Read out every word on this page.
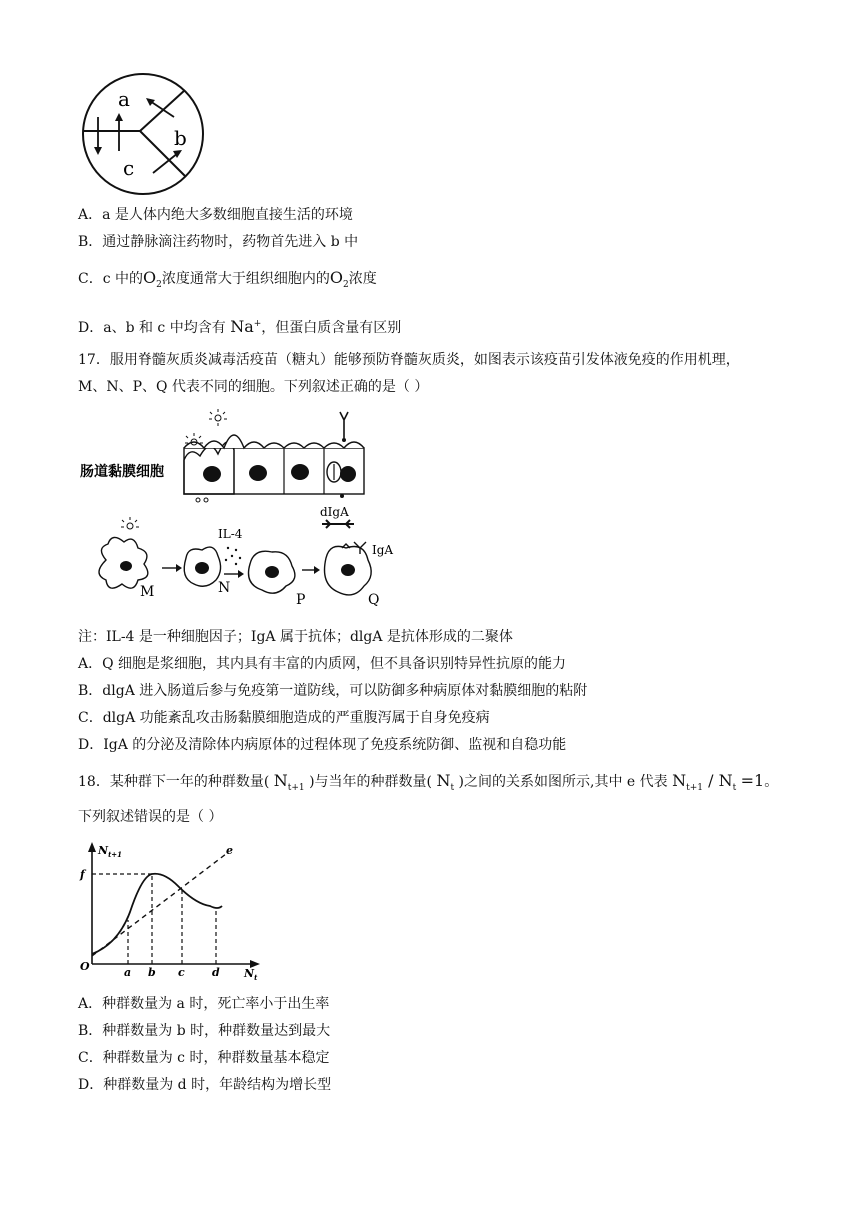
a
b
c
A．a 是人体内绝大多数细胞直接生活的环境
B．通过静脉滴注药物时，药物首先进入 b 中
C．c 中的$O_2$浓度通常大于组织细胞内的$O_2$浓度
D．a、b 和 c 中均含有 Na+，但蛋白质含量有区别
17．服用脊髓灰质炎减毒活疫苗（糖丸）能够预防脊髓灰质炎，如图表示该疫苗引发体液免疫的作用机理，
M、N、P、Q 代表不同的细胞。下列叙述正确的是（ ）
肠道黏膜细胞
dIgA
M	N
IL-4
P	Q
IgA
注：IL-4 是一种细胞因子；IgA 属于抗体；dlgA 是抗体形成的二聚体
A．Q 细胞是浆细胞，其内具有丰富的内质网，但不具备识别特异性抗原的能力
B．dlgA 进入肠道后参与免疫第一道防线，可以防御多种病原体对黏膜细胞的粘附
C．dlgA 功能紊乱攻击肠黏膜细胞造成的严重腹泻属于自身免疫病
D．IgA 的分泌及清除体内病原体的过程体现了免疫系统防御、监视和自稳功能
18．某种群下一年的种群数量( $N_{t+1}$ )与当年的种群数量( $N_t$ )之间的关系如图所示,其中 e 代表 $N_{t+1} / N_t =1$。
下列叙述错误的是（ ）
$N_{t+1}$
$N_t$
O
e
f
a b c d
A．种群数量为 a 时，死亡率小于出生率
B．种群数量为 b 时，种群数量达到最大
C．种群数量为 c 时，种群数量基本稳定
D．种群数量为 d 时，年龄结构为增长型
